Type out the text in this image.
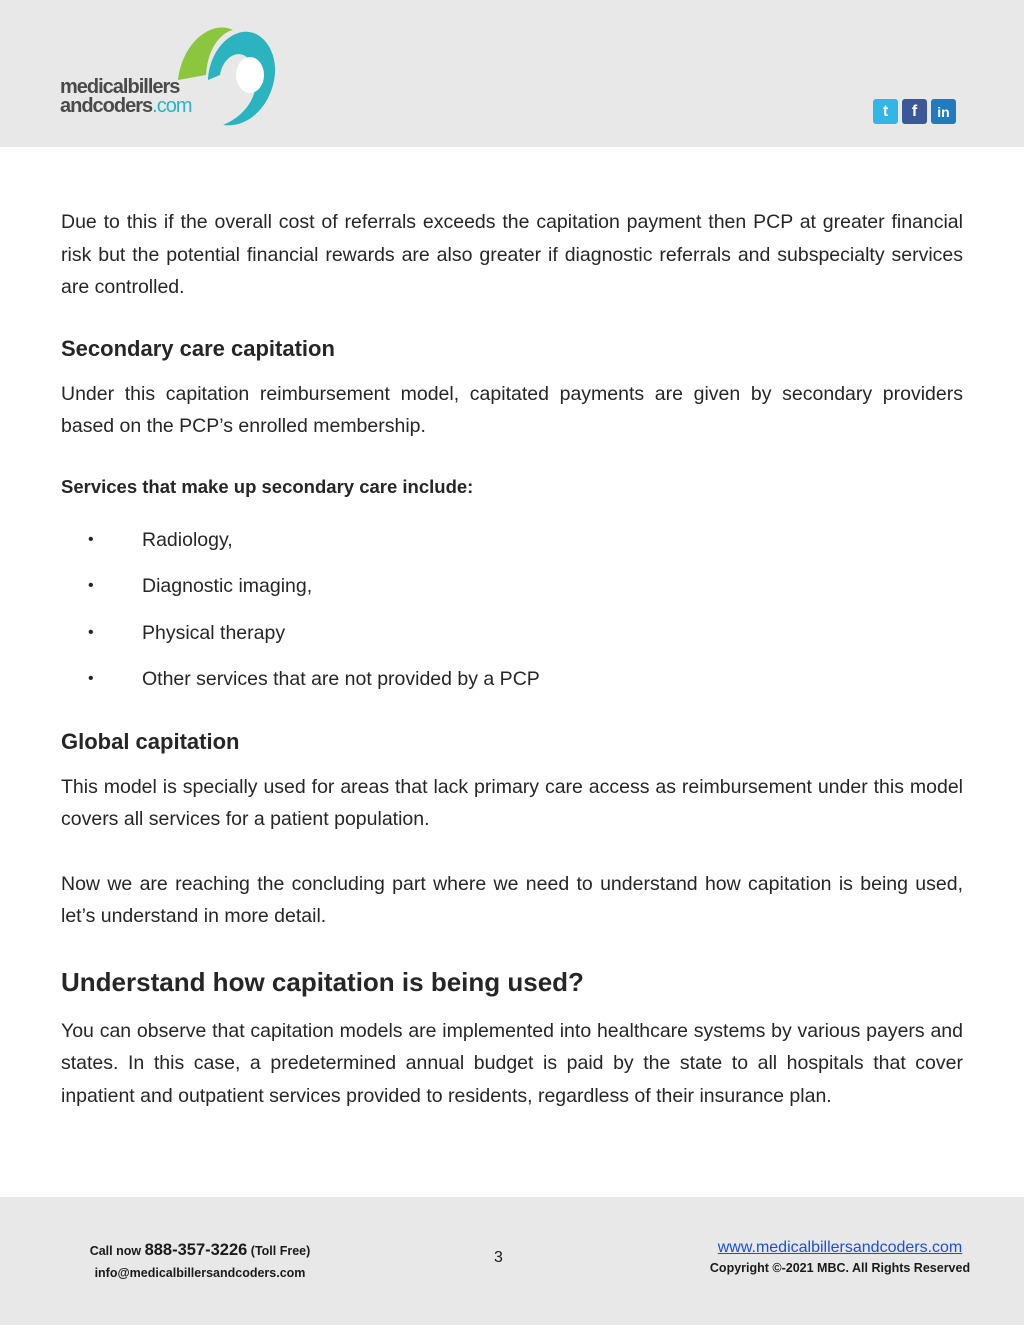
medicalbillers
andcoders.com	t	f	in

Due to this if the overall cost of referrals exceeds the capitation payment then PCP at greater financial risk but the potential financial rewards are also greater if diagnostic referrals and subspecialty services are controlled.

Secondary care capitation

Under this capitation reimbursement model, capitated payments are given by secondary providers based on the PCP’s enrolled membership.

Services that make up secondary care include:
• Radiology,
• Diagnostic imaging,
• Physical therapy
• Other services that are not provided by a PCP
Global capitation

This model is specially used for areas that lack primary care access as reimbursement under this model covers all services for a patient population.

Now we are reaching the concluding part where we need to understand how capitation is being used, let’s understand in more detail.

Understand how capitation is being used?

You can observe that capitation models are implemented into healthcare systems by various payers and states. In this case, a predetermined annual budget is paid by the state to all hospitals that cover inpatient and outpatient services provided to residents, regardless of their insurance plan.

Call now 888-357-3226 (Toll Free)
info@medicalbillersandcoders.com
3
www.medicalbillersandcoders.com
Copyright ©-2021 MBC. All Rights Reserved
